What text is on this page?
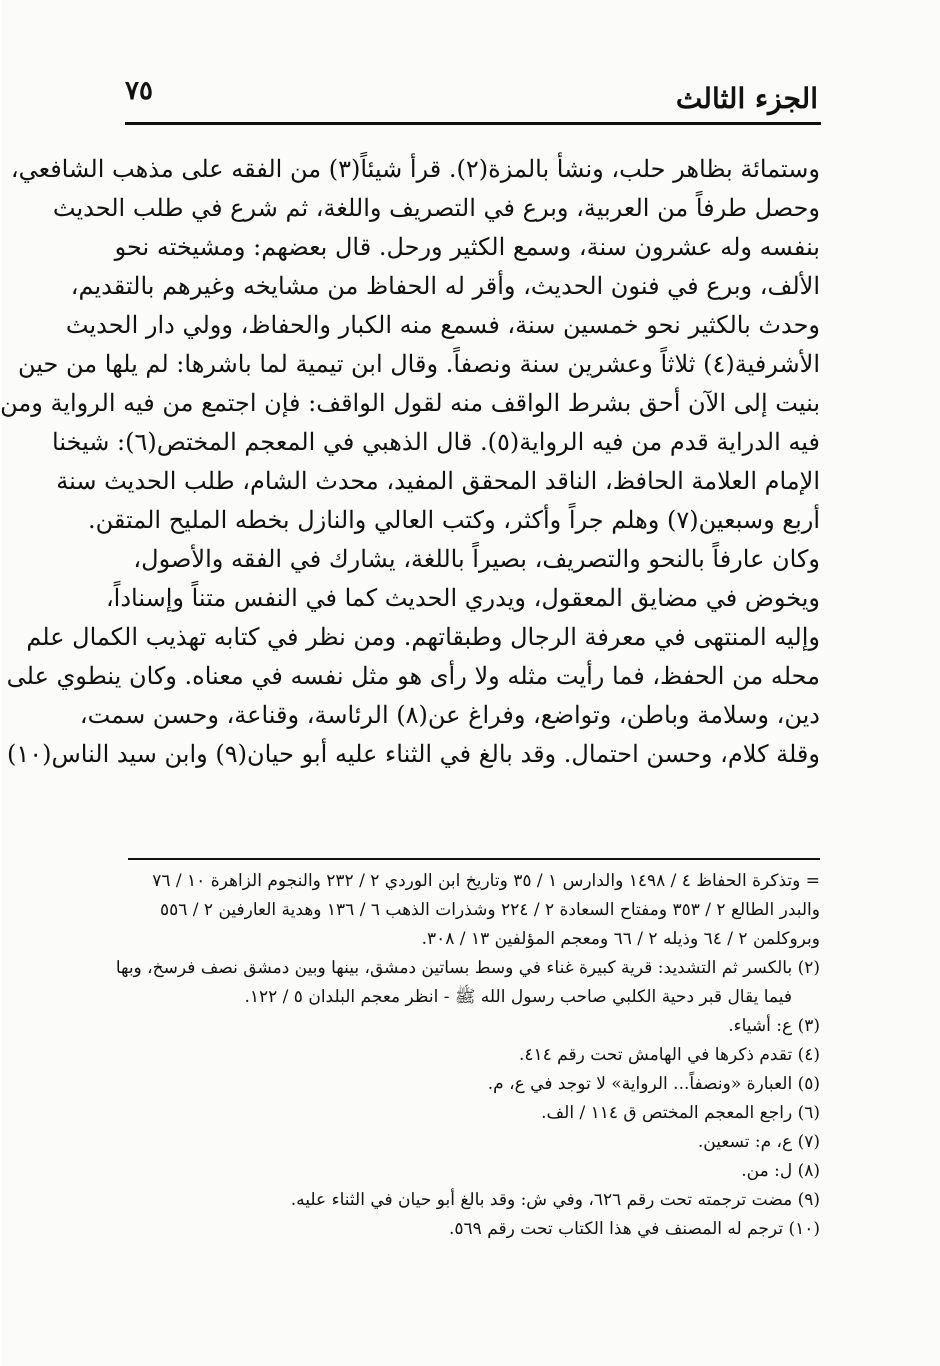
٧٥	الجزء الثالث
وستمائة بظاهر حلب، ونشأ بالمزة(٢). قرأ شيئاً(٣) من الفقه على مذهب الشافعي،
وحصل طرفاً من العربية، وبرع في التصريف واللغة، ثم شرع في طلب الحديث
بنفسه وله عشرون سنة، وسمع الكثير ورحل. قال بعضهم: ومشيخته نحو
الألف، وبرع في فنون الحديث، وأقر له الحفاظ من مشايخه وغيرهم بالتقديم،
وحدث بالكثير نحو خمسين سنة، فسمع منه الكبار والحفاظ، وولي دار الحديث
الأشرفية(٤) ثلاثاً وعشرين سنة ونصفاً. وقال ابن تيمية لما باشرها: لم يلها من حين
بنيت إلى الآن أحق بشرط الواقف منه لقول الواقف: فإن اجتمع من فيه الرواية ومن
فيه الدراية قدم من فيه الرواية(٥). قال الذهبي في المعجم المختص(٦): شيخنا
الإمام العلامة الحافظ، الناقد المحقق المفيد، محدث الشام، طلب الحديث سنة
أربع وسبعين(٧) وهلم جراً وأكثر، وكتب العالي والنازل بخطه المليح المتقن.
وكان عارفاً بالنحو والتصريف، بصيراً باللغة، يشارك في الفقه والأصول،
ويخوض في مضايق المعقول، ويدري الحديث كما في النفس متناً وإسناداً،
وإليه المنتهى في معرفة الرجال وطبقاتهم. ومن نظر في كتابه تهذيب الكمال علم
محله من الحفظ، فما رأيت مثله ولا رأى هو مثل نفسه في معناه. وكان ينطوي على
دين، وسلامة وباطن، وتواضع، وفراغ عن(٨) الرئاسة، وقناعة، وحسن سمت،
وقلة كلام، وحسن احتمال. وقد بالغ في الثناء عليه أبو حيان(٩) وابن سيد الناس(١٠)
= وتذكرة الحفاظ ٤ / ١٤٩٨ والدارس ١ / ٣٥ وتاريخ ابن الوردي ٢ / ٢٣٢ والنجوم الزاهرة ١٠ / ٧٦
والبدر الطالع ٢ / ٣٥٣ ومفتاح السعادة ٢ / ٢٢٤ وشذرات الذهب ٦ / ١٣٦ وهدية العارفين ٢ / ٥٥٦
وبروكلمن ٢ / ٦٤ وذيله ٢ / ٦٦ ومعجم المؤلفين ١٣ / ٣٠٨.
(٢) بالكسر ثم التشديد: قرية كبيرة غناء في وسط بساتين دمشق، بينها وبين دمشق نصف فرسخ، وبها
فيما يقال قبر دحية الكلبي صاحب رسول الله ﷺ - انظر معجم البلدان ٥ / ١٢٢.
(٣) ع: أشياء.
(٤) تقدم ذكرها في الهامش تحت رقم ٤١٤.
(٥) العبارة «ونصفاً... الرواية» لا توجد في ع، م.
(٦) راجع المعجم المختص ق ١١٤ / الف.
(٧) ع، م: تسعين.
(٨) ل: من.
(٩) مضت ترجمته تحت رقم ٦٢٦، وفي ش: وقد بالغ أبو حيان في الثناء عليه.
(١٠) ترجم له المصنف في هذا الكتاب تحت رقم ٥٦٩.
